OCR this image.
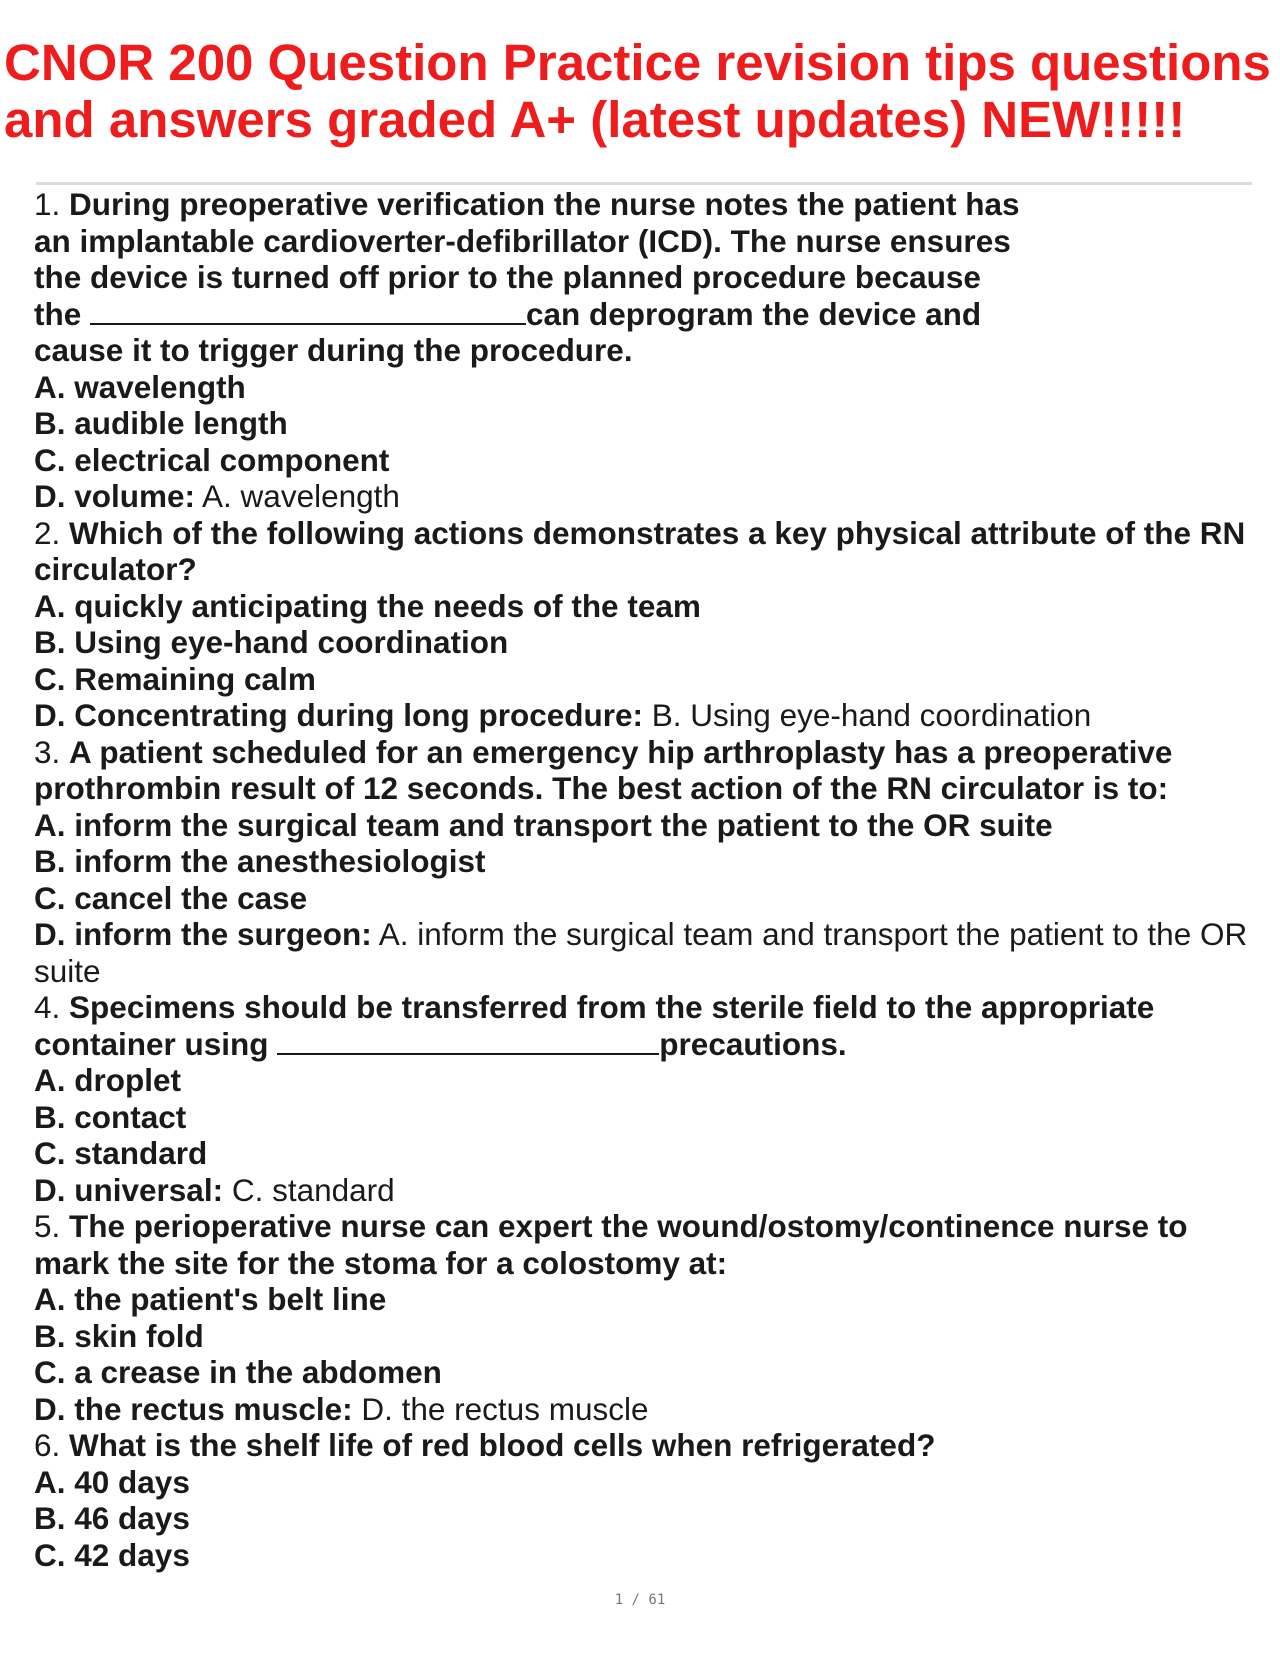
CNOR 200 Question Practice revision tips questions and answers graded A+ (latest updates) NEW!!!!!

1. During preoperative verification the nurse notes the patient has an implantable cardioverter-defibrillator (ICD). The nurse ensures the device is turned off prior to the planned procedure because the	can deprogram the device and cause it to trigger during the procedure.

A. wavelength

B. audible length

C. electrical component

D. volume: A. wavelength

2. Which of the following actions demonstrates a key physical attribute of the RN circulator?

A. quickly anticipating the needs of the team

B. Using eye-hand coordination

C. Remaining calm

D. Concentrating during long procedure: B. Using eye-hand coordination

3. A patient scheduled for an emergency hip arthroplasty has a preoperative prothrombin result of 12 seconds. The best action of the RN circulator is to:

A. inform the surgical team and transport the patient to the OR suite

B. inform the anesthesiologist

C. cancel the case

D. inform the surgeon: A. inform the surgical team and transport the patient to the OR suite

4. Specimens should be transferred from the sterile field to the appropriate container using	precautions.

A. droplet

B. contact

C. standard

D. universal: C. standard

5. The perioperative nurse can expert the wound/ostomy/continence nurse to mark the site for the stoma for a colostomy at:

A. the patient's belt line

B. skin fold

C. a crease in the abdomen

D. the rectus muscle: D. the rectus muscle

6. What is the shelf life of red blood cells when refrigerated?

A. 40 days

B. 46 days

C. 42 days

1 / 61
